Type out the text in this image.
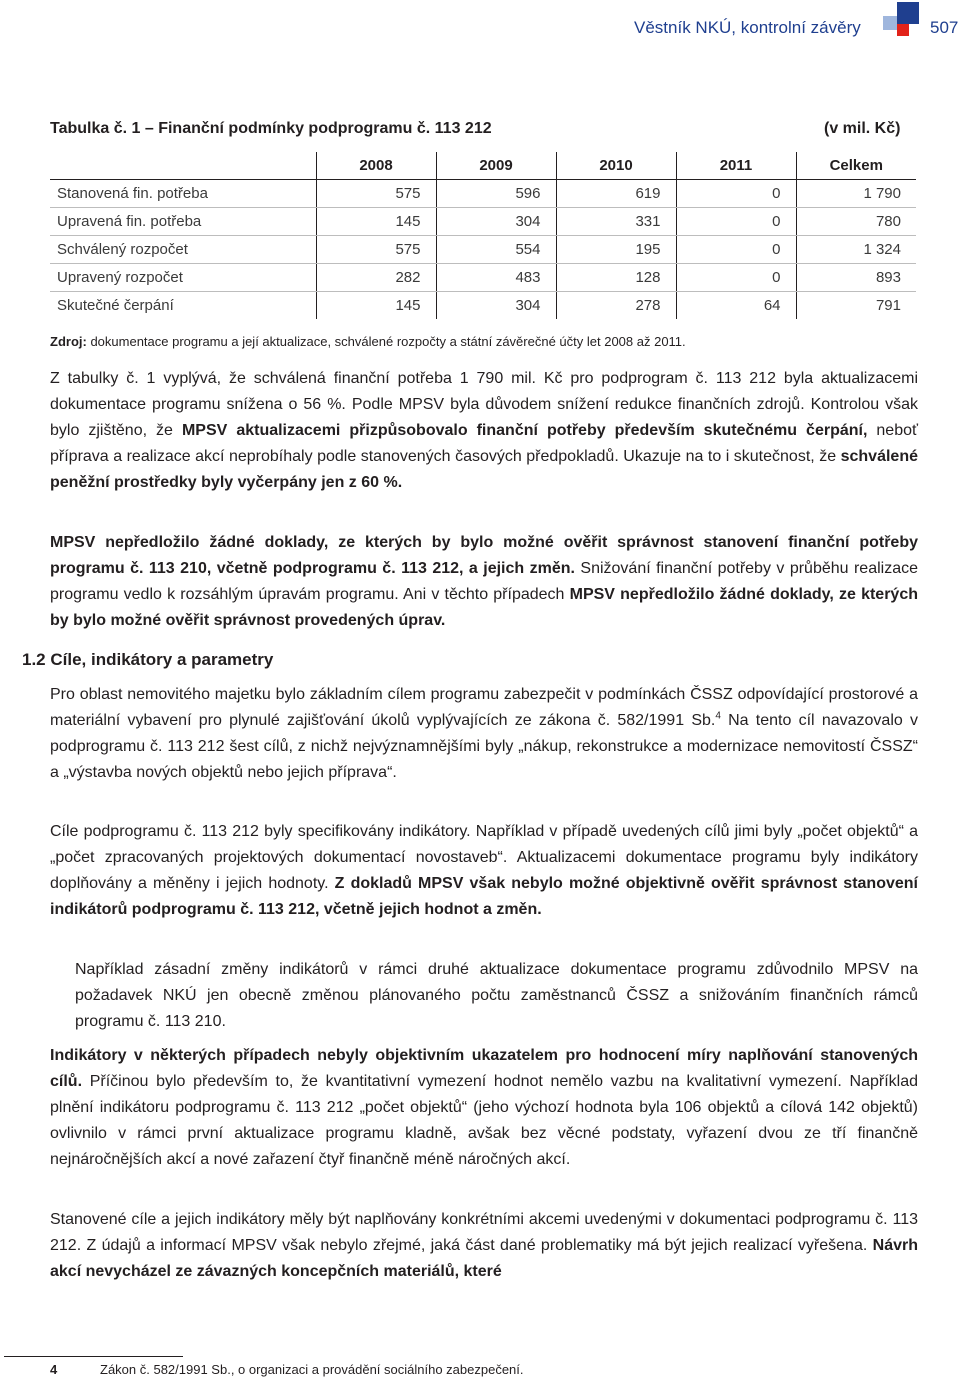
Věstník NKÚ, kontrolní závěry	507
Tabulka č. 1 – Finanční podmínky podprogramu č. 113 212	(v mil. Kč)
	2008	2009	2010	2011	Celkem
Stanovená fin. potřeba	575	596	619	0	1 790
Upravená fin. potřeba	145	304	331	0	780
Schválený rozpočet	575	554	195	0	1 324
Upravený rozpočet	282	483	128	0	893
Skutečné čerpání	145	304	278	64	791
Zdroj: dokumentace programu a její aktualizace, schválené rozpočty a státní závěrečné účty let 2008 až 2011.

Z tabulky č. 1 vyplývá, že schválená finanční potřeba 1 790 mil. Kč pro podprogram č. 113 212 byla aktualizacemi dokumentace programu snížena o 56 %. Podle MPSV byla důvodem snížení redukce finančních zdrojů. Kontrolou však bylo zjištěno, že MPSV aktualizacemi přizpůsobovalo finanční potřeby především skutečnému čerpání, neboť příprava a realizace akcí neprobíhaly podle stanovených časových předpokladů. Ukazuje na to i skutečnost, že schválené peněžní prostředky byly vyčerpány jen z 60 %.

MPSV nepředložilo žádné doklady, ze kterých by bylo možné ověřit správnost stanovení finanční potřeby programu č. 113 210, včetně podprogramu č. 113 212, a jejich změn. Snižování finanční potřeby v průběhu realizace programu vedlo k rozsáhlým úpravám programu. Ani v těchto případech MPSV nepředložilo žádné doklady, ze kterých by bylo možné ověřit správnost provedených úprav.

1.2 Cíle, indikátory a parametry

Pro oblast nemovitého majetku bylo základním cílem programu zabezpečit v podmínkách ČSSZ odpovídající prostorové a materiální vybavení pro plynulé zajišťování úkolů vyplývajících ze zákona č. 582/1991 Sb.$^4$ Na tento cíl navazovalo v podprogramu č. 113 212 šest cílů, z nichž nejvýznamnějšími byly „nákup, rekonstrukce a modernizace nemovitostí ČSSZ“ a „výstavba nových objektů nebo jejich příprava“.

Cíle podprogramu č. 113 212 byly specifikovány indikátory. Například v případě uvedených cílů jimi byly „počet objektů“ a „počet zpracovaných projektových dokumentací novostaveb“. Aktualizacemi dokumentace programu byly indikátory doplňovány a měněny i jejich hodnoty. Z dokladů MPSV však nebylo možné objektivně ověřit správnost stanovení indikátorů podprogramu č. 113 212, včetně jejich hodnot a změn.

Například zásadní změny indikátorů v rámci druhé aktualizace dokumentace programu zdůvodnilo MPSV na požadavek NKÚ jen obecně změnou plánovaného počtu zaměstnanců ČSSZ a snižováním finančních rámců programu č. 113 210.

Indikátory v některých případech nebyly objektivním ukazatelem pro hodnocení míry naplňování stanovených cílů. Příčinou bylo především to, že kvantitativní vymezení hodnot nemělo vazbu na kvalitativní vymezení. Například plnění indikátoru podprogramu č. 113 212 „počet objektů“ (jeho výchozí hodnota byla 106 objektů a cílová 142 objektů) ovlivnilo v rámci první aktualizace programu kladně, avšak bez věcné podstaty, vyřazení dvou ze tří finančně nejnáročnějších akcí a nové zařazení čtyř finančně méně náročných akcí.

Stanovené cíle a jejich indikátory měly být naplňovány konkrétními akcemi uvedenými v dokumentaci podprogramu č. 113 212. Z údajů a informací MPSV však nebylo zřejmé, jaká část dané problematiky má být jejich realizací vyřešena. Návrh akcí nevycházel ze závazných koncepčních materiálů, které

4	Zákon č. 582/1991 Sb., o organizaci a provádění sociálního zabezpečení.
